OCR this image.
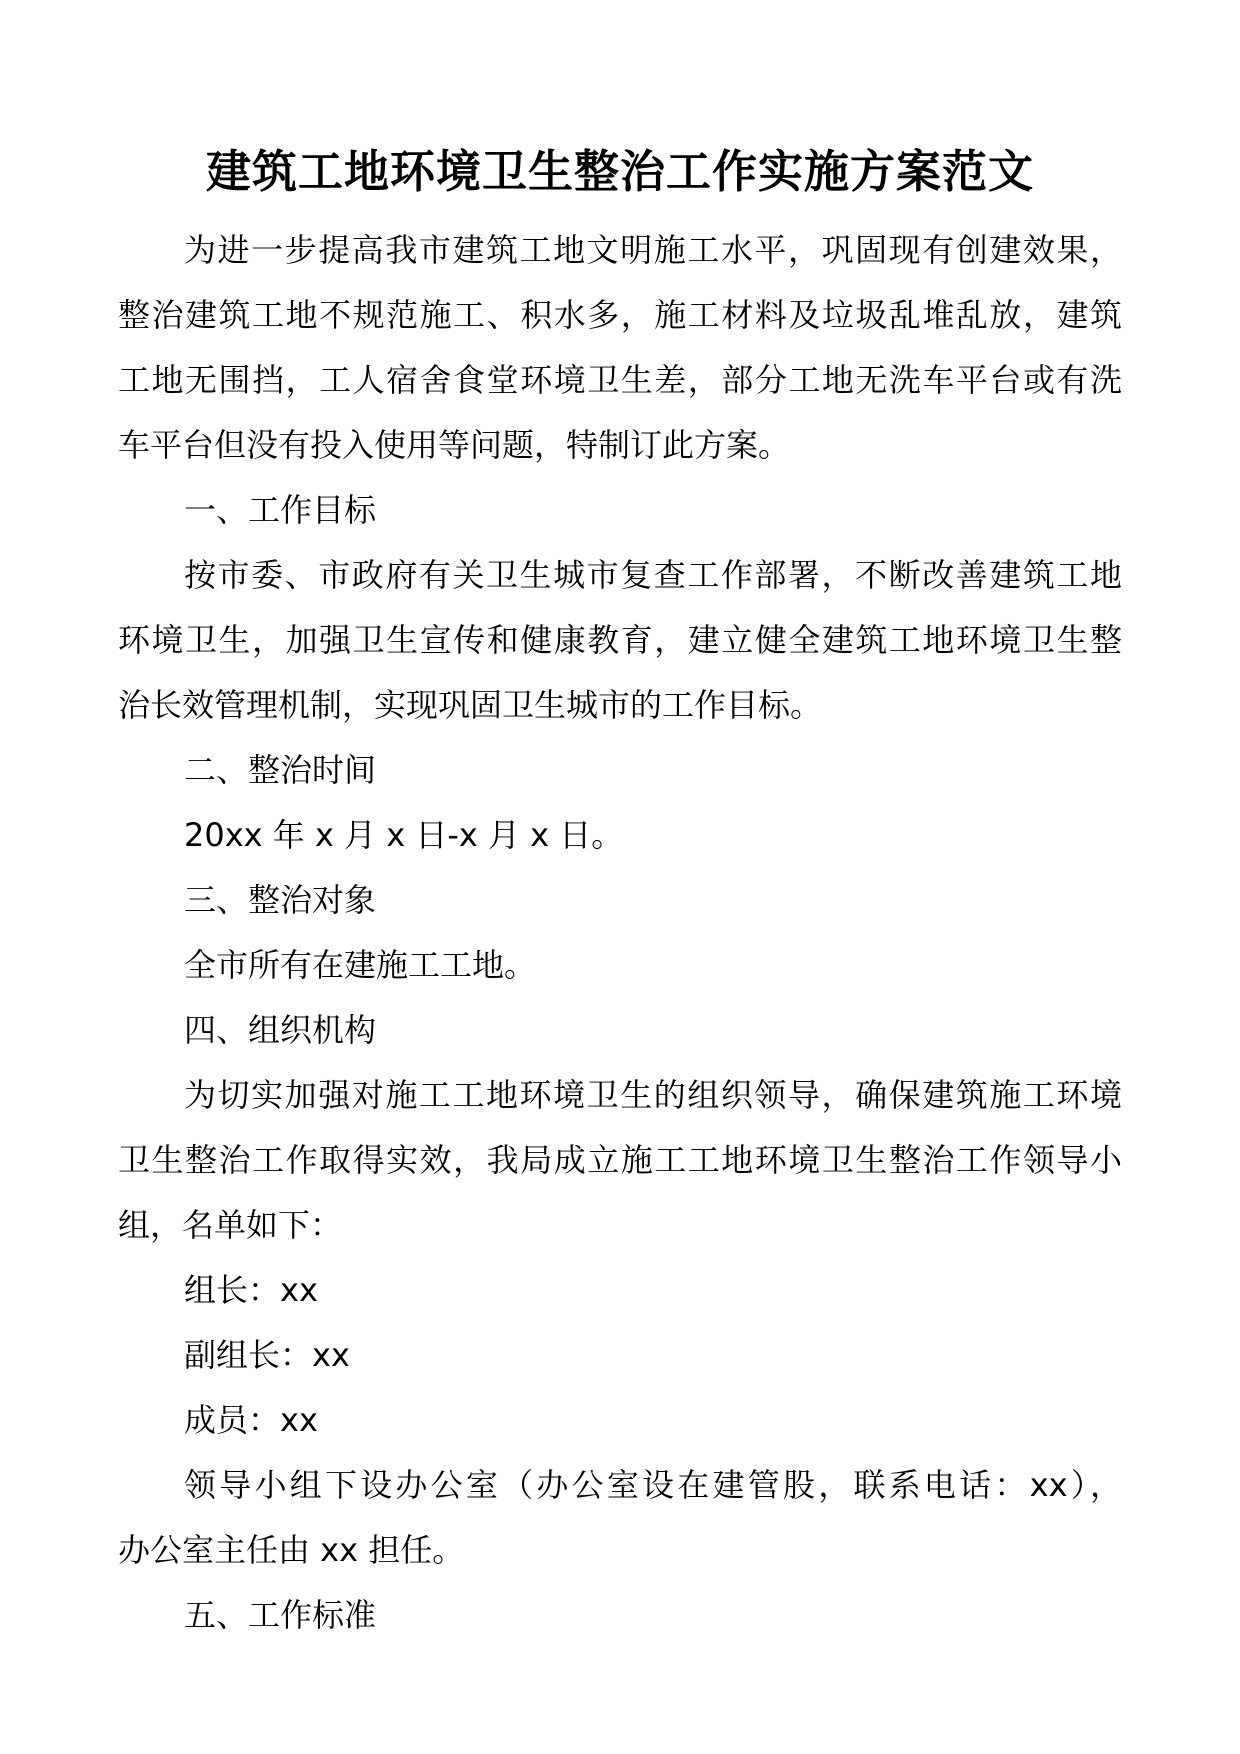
建筑工地环境卫生整治工作实施方案范文
为进一步提高我市建筑工地文明施工水平，巩固现有创建效果，
整治建筑工地不规范施工、积水多，施工材料及垃圾乱堆乱放，建筑
工地无围挡，工人宿舍食堂环境卫生差，部分工地无洗车平台或有洗
车平台但没有投入使用等问题，特制订此方案。
一、工作目标
按市委、市政府有关卫生城市复查工作部署，不断改善建筑工地
环境卫生，加强卫生宣传和健康教育，建立健全建筑工地环境卫生整
治长效管理机制，实现巩固卫生城市的工作目标。
二、整治时间
20xx 年 x 月 x 日-x 月 x 日。
三、整治对象
全市所有在建施工工地。
四、组织机构
为切实加强对施工工地环境卫生的组织领导，确保建筑施工环境
卫生整治工作取得实效，我局成立施工工地环境卫生整治工作领导小
组，名单如下：
组长：xx
副组长：xx
成员：xx
领导小组下设办公室（办公室设在建管股，联系电话：xx），
办公室主任由 xx 担任。
五、工作标准
